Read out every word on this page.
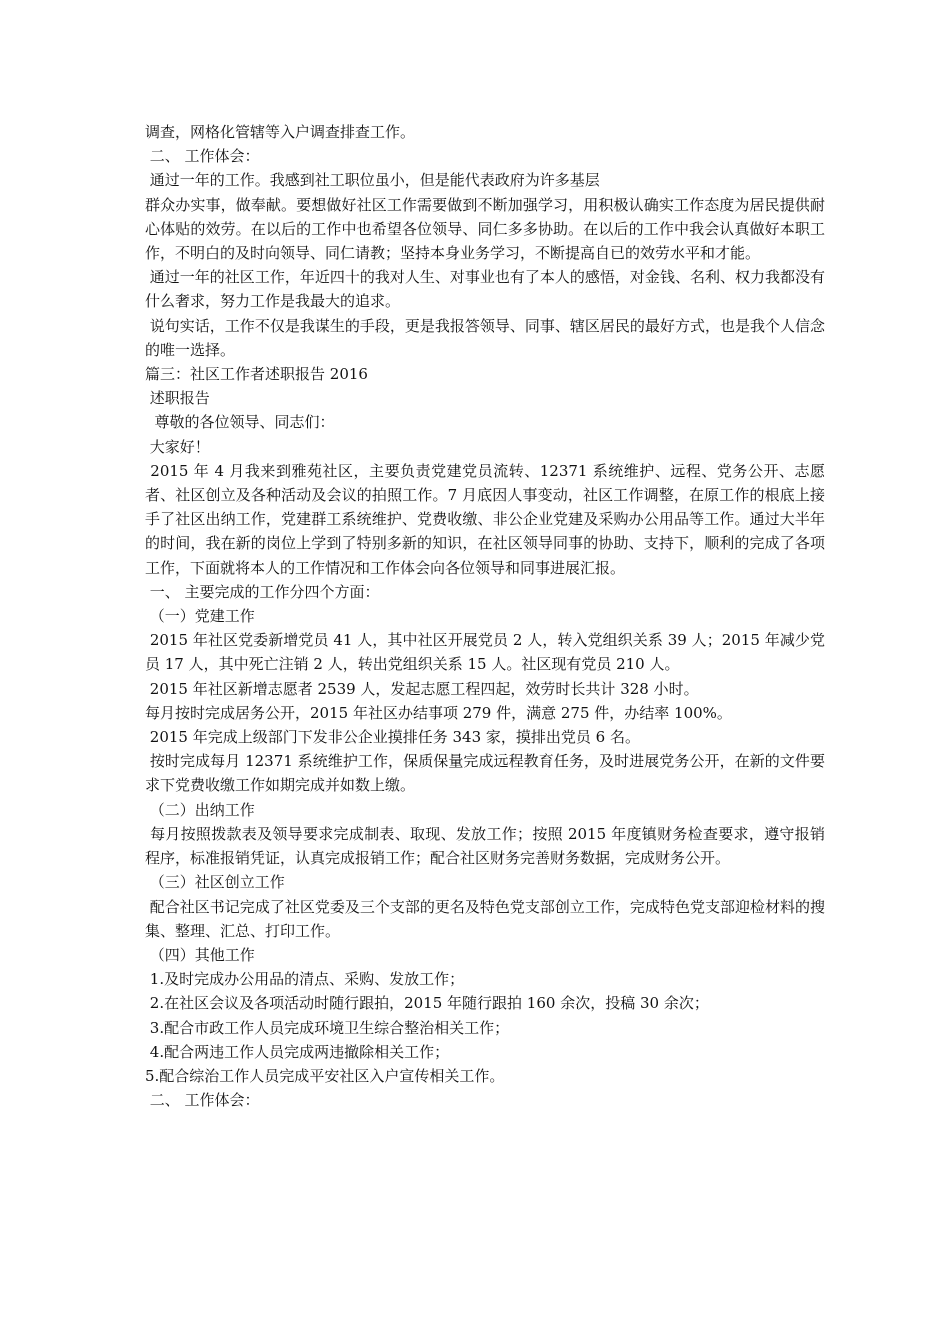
调查，网格化管辖等入户调查排查工作。

二、 工作体会：

通过一年的工作。我感到社工职位虽小，但是能代表政府为许多基层

群众办实事，做奉献。要想做好社区工作需要做到不断加强学习，用积极认确实工作态度为居民提供耐心体贴的效劳。在以后的工作中也希望各位领导、同仁多多协助。在以后的工作中我会认真做好本职工作，不明白的及时向领导、同仁请教；坚持本身业务学习，不断提高自已的效劳水平和才能。

通过一年的社区工作，年近四十的我对人生、对事业也有了本人的感悟，对金钱、名利、权力我都没有什么奢求，努力工作是我最大的追求。

说句实话，工作不仅是我谋生的手段，更是我报答领导、同事、辖区居民的最好方式，也是我个人信念的唯一选择。

篇三：社区工作者述职报告 2016

述职报告

尊敬的各位领导、同志们：

大家好！

2015 年 4 月我来到雅苑社区，主要负责党建党员流转、12371 系统维护、远程、党务公开、志愿者、社区创立及各种活动及会议的拍照工作。7 月底因人事变动，社区工作调整，在原工作的根底上接手了社区出纳工作，党建群工系统维护、党费收缴、非公企业党建及采购办公用品等工作。通过大半年的时间，我在新的岗位上学到了特别多新的知识，在社区领导同事的协助、支持下，顺利的完成了各项工作，下面就将本人的工作情况和工作体会向各位领导和同事进展汇报。

一、 主要完成的工作分四个方面：

（一）党建工作

2015 年社区党委新增党员 41 人，其中社区开展党员 2 人，转入党组织关系 39 人；2015 年减少党员 17 人，其中死亡注销 2 人，转出党组织关系 15 人。社区现有党员 210 人。

2015 年社区新增志愿者 2539 人，发起志愿工程四起，效劳时长共计 328 小时。

每月按时完成居务公开，2015 年社区办结事项 279 件，满意 275 件，办结率 100%。

2015 年完成上级部门下发非公企业摸排任务 343 家，摸排出党员 6 名。

按时完成每月 12371 系统维护工作，保质保量完成远程教育任务，及时进展党务公开，在新的文件要求下党费收缴工作如期完成并如数上缴。

（二）出纳工作

每月按照拨款表及领导要求完成制表、取现、发放工作；按照 2015 年度镇财务检查要求，遵守报销程序，标准报销凭证，认真完成报销工作；配合社区财务完善财务数据，完成财务公开。

（三）社区创立工作

配合社区书记完成了社区党委及三个支部的更名及特色党支部创立工作，完成特色党支部迎检材料的搜集、整理、汇总、打印工作。

（四）其他工作

1.及时完成办公用品的清点、采购、发放工作；

2.在社区会议及各项活动时随行跟拍，2015 年随行跟拍 160 余次，投稿 30 余次；

3.配合市政工作人员完成环境卫生综合整治相关工作；

4.配合两违工作人员完成两违撤除相关工作；

5.配合综治工作人员完成平安社区入户宣传相关工作。

二、 工作体会：
